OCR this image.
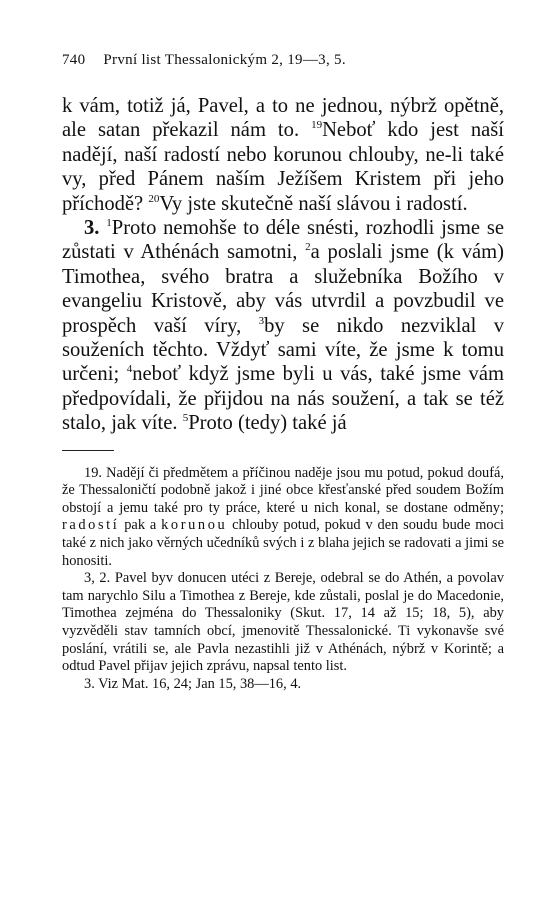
740 První list Thessalonickým 2, 19—3, 5.

k vám, totiž já, Pavel, a to ne jednou, nýbrž opětně, ale satan překazil nám to. $^{19}$Neboť kdo jest naší nadějí, naší radostí nebo korunou chlouby, ne-li také vy, před Pánem naším Ježíšem Kristem při jeho příchodě? $^{20}$Vy jste skutečně naší slávou i radostí.

3. $^1$Proto nemohše to déle snésti, rozhodli jsme se zůstati v Athénách samotni, $^2$a poslali jsme (k vám) Timothea, svého bratra a služebníka Božího v evangeliu Kristově, aby vás utvrdil a povzbudil ve prospěch vaší víry, $^3$by se nikdo nezviklal v souženích těchto. Vždyť sami víte, že jsme k tomu určeni; $^4$neboť když jsme byli u vás, také jsme vám předpovídali, že přijdou na nás soužení, a tak se též stalo, jak víte. $^5$Proto (tedy) také já

19. Nadějí či předmětem a příčinou naděje jsou mu potud, pokud doufá, že Thessaloničtí podobně jakož i jiné obce křesťanské před soudem Božím obstojí a jemu také pro ty práce, které u nich konal, se dostane odměny; radostí pak a korunou chlouby potud, pokud v den soudu bude moci také z nich jako věrných učedníků svých i z blaha jejich se radovati a jimi se honositi.

3, 2. Pavel byv donucen utéci z Bereje, odebral se do Athén, a povolav tam narychlo Silu a Timothea z Bereje, kde zůstali, poslal je do Macedonie, Timothea zejména do Thessaloniky (Skut. 17, 14 až 15; 18, 5), aby vyzvěděli stav tamních obcí, jmenovitě Thessalonické. Ti vykonavše své poslání, vrátili se, ale Pavla nezastihli již v Athénách, nýbrž v Korintě; a odtud Pavel přijav jejich zprávu, napsal tento list.

3. Viz Mat. 16, 24; Jan 15, 38—16, 4.
